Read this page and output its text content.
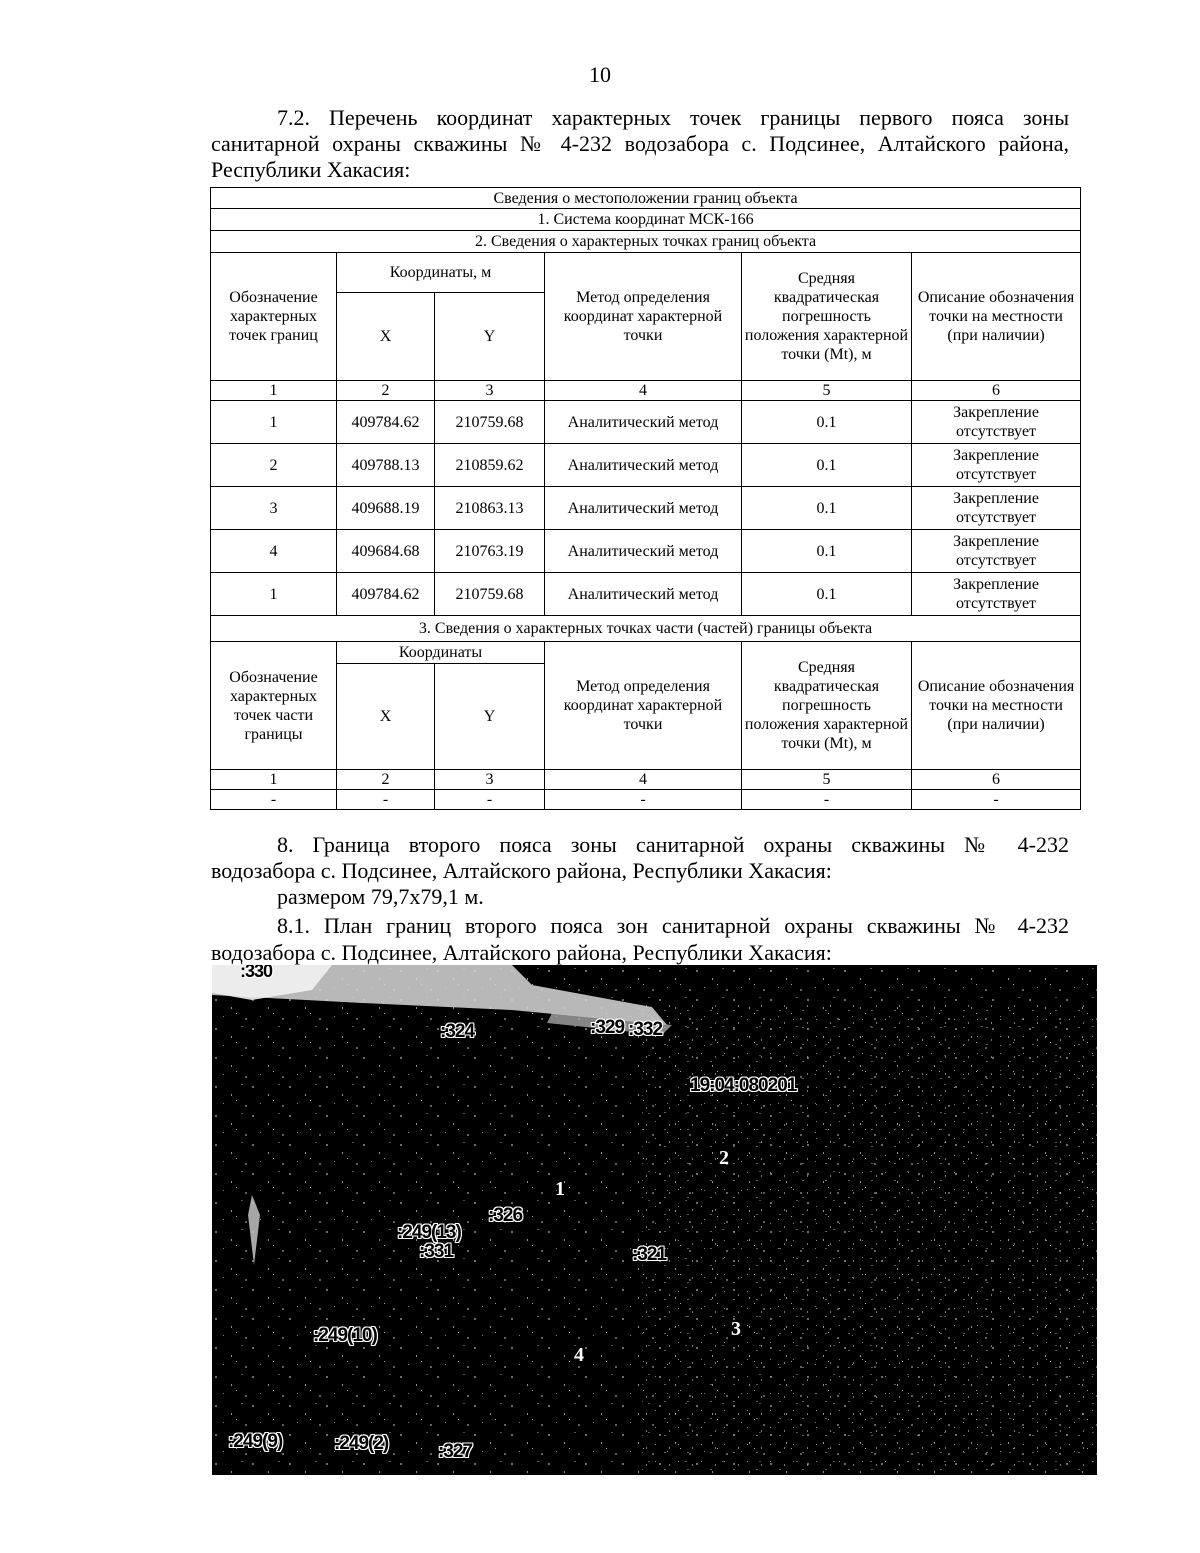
10
7.2. Перечень координат характерных точек границы первого пояса зоны санитарной охраны скважины № 4-232 водозабора с. Подсинее, Алтайского района, Республики Хакасия:
Сведения о местоположении границ объекта					
1. Система координат МСК-166					
2. Сведения о характерных точках границ объекта					
Обозначение характерных точек границ	Координаты, м		Метод определения координат характерной точки	Средняя квадратическая погрешность положения характерной точки (Mt), м	Описание обозначения точки на местности (при наличии)
	X	Y			
1	2	3	4	5	6
1	409784.62	210759.68	Аналитический метод	0.1	Закрепление отсутствует
2	409788.13	210859.62	Аналитический метод	0.1	Закрепление отсутствует
3	409688.19	210863.13	Аналитический метод	0.1	Закрепление отсутствует
4	409684.68	210763.19	Аналитический метод	0.1	Закрепление отсутствует
1	409784.62	210759.68	Аналитический метод	0.1	Закрепление отсутствует
3. Сведения о характерных точках части (частей) границы объекта					
Обозначение характерных точек части границы	Координаты		Метод определения координат характерной точки	Средняя квадратическая погрешность положения характерной точки (Mt), м	Описание обозначения точки на местности (при наличии)
	X	Y			
1	2	3	4	5	6
-	-	-	-	-	-
8. Граница второго пояса зоны санитарной охраны скважины № 4-232
водозабора с. Подсинее, Алтайского района, Республики Хакасия:
размером 79,7х79,1 м.
8.1. План границ второго пояса зон санитарной охраны скважины № 4-232
водозабора с. Подсинее, Алтайского района, Республики Хакасия:
:330
:324	:329 :332
19:04:080201
:326
:249(13)
:331	:321
:249(10)
:249(9)	:249(2)	:327
1
2
3
4
